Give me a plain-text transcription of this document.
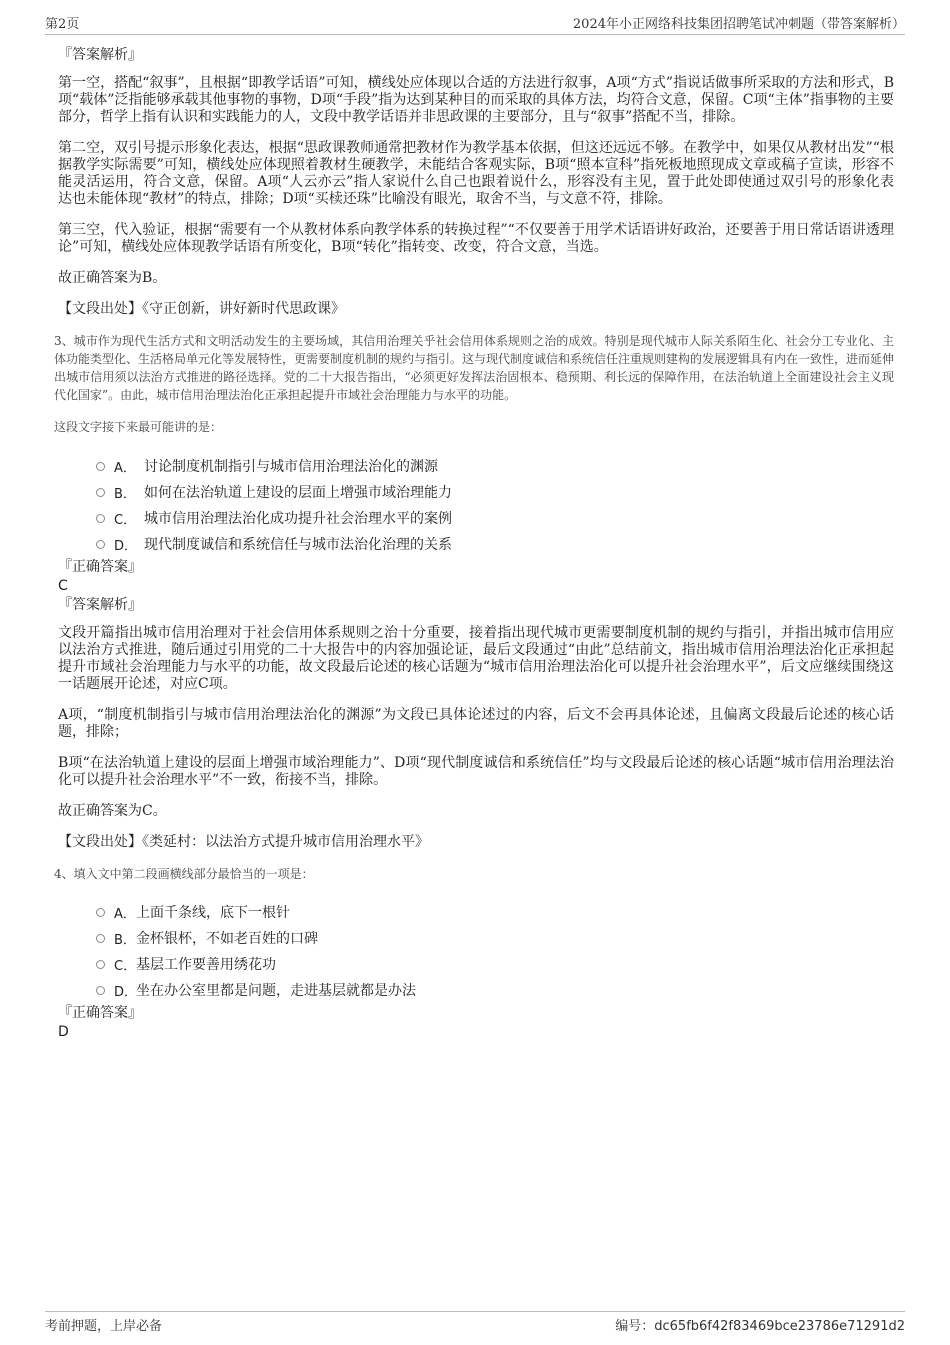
第2页	2024年小正网络科技集团招聘笔试冲刺题（带答案解析）
『答案解析』

第一空，搭配“叙事”，且根据“即教学话语”可知，横线处应体现以合适的方法进行叙事，A项“方式”指说话做事所采取的方法和形式，B项“载体”泛指能够承载其他事物的事物，D项“手段”指为达到某种目的而采取的具体方法，均符合文意，保留。C项“主体”指事物的主要部分，哲学上指有认识和实践能力的人，文段中教学话语并非思政课的主要部分，且与“叙事”搭配不当，排除。

第二空，双引号提示形象化表达，根据“思政课教师通常把教材作为教学基本依据，但这还远远不够。在教学中，如果仅从教材出发”“根据教学实际需要”可知，横线处应体现照着教材生硬教学，未能结合客观实际，B项“照本宣科”指死板地照现成文章或稿子宣读，形容不能灵活运用，符合文意，保留。A项“人云亦云”指人家说什么自己也跟着说什么，形容没有主见，置于此处即使通过双引号的形象化表达也未能体现“教材”的特点，排除；D项“买椟还珠”比喻没有眼光，取舍不当，与文意不符，排除。

第三空，代入验证，根据“需要有一个从教材体系向教学体系的转换过程”“不仅要善于用学术话语讲好政治，还要善于用日常话语讲透理论”可知，横线处应体现教学话语有所变化，B项“转化”指转变、改变，符合文意，当选。

故正确答案为B。

【文段出处】《守正创新，讲好新时代思政课》

3、城市作为现代生活方式和文明活动发生的主要场域，其信用治理关乎社会信用体系规则之治的成效。特别是现代城市人际关系陌生化、社会分工专业化、主体功能类型化、生活格局单元化等发展特性，更需要制度机制的规约与指引。这与现代制度诚信和系统信任注重规则建构的发展逻辑具有内在一致性，进而延伸出城市信用须以法治方式推进的路径选择。党的二十大报告指出，“必须更好发挥法治固根本、稳预期、利长远的保障作用，在法治轨道上全面建设社会主义现代化国家”。由此，城市信用治理法治化正承担起提升市域社会治理能力与水平的功能。

这段文字接下来最可能讲的是：
A． 讨论制度机制指引与城市信用治理法治化的渊源
B． 如何在法治轨道上建设的层面上增强市域治理能力
C． 城市信用治理法治化成功提升社会治理水平的案例
D． 现代制度诚信和系统信任与城市法治化治理的关系
『正确答案』
C
『答案解析』

文段开篇指出城市信用治理对于社会信用体系规则之治十分重要，接着指出现代城市更需要制度机制的规约与指引，并指出城市信用应以法治方式推进，随后通过引用党的二十大报告中的内容加强论证，最后文段通过“由此”总结前文，指出城市信用治理法治化正承担起提升市域社会治理能力与水平的功能，故文段最后论述的核心话题为“城市信用治理法治化可以提升社会治理水平”，后文应继续围绕这一话题展开论述，对应C项。

A项，“制度机制指引与城市信用治理法治化的渊源”为文段已具体论述过的内容，后文不会再具体论述，且偏离文段最后论述的核心话题，排除；

B项“在法治轨道上建设的层面上增强市域治理能力”、D项“现代制度诚信和系统信任”均与文段最后论述的核心话题“城市信用治理法治化可以提升社会治理水平”不一致，衔接不当，排除。

故正确答案为C。

【文段出处】《类延村：以法治方式提升城市信用治理水平》

4、填入文中第二段画横线部分最恰当的一项是：
A． 上面千条线，底下一根针
B． 金杯银杯，不如老百姓的口碑
C． 基层工作要善用绣花功
D．
坐在办公室里都是问题，走进基层就都是办法
『正确答案』
D
考前押题，上岸必备	编号：dc65fb6f42f83469bce23786e71291d2
